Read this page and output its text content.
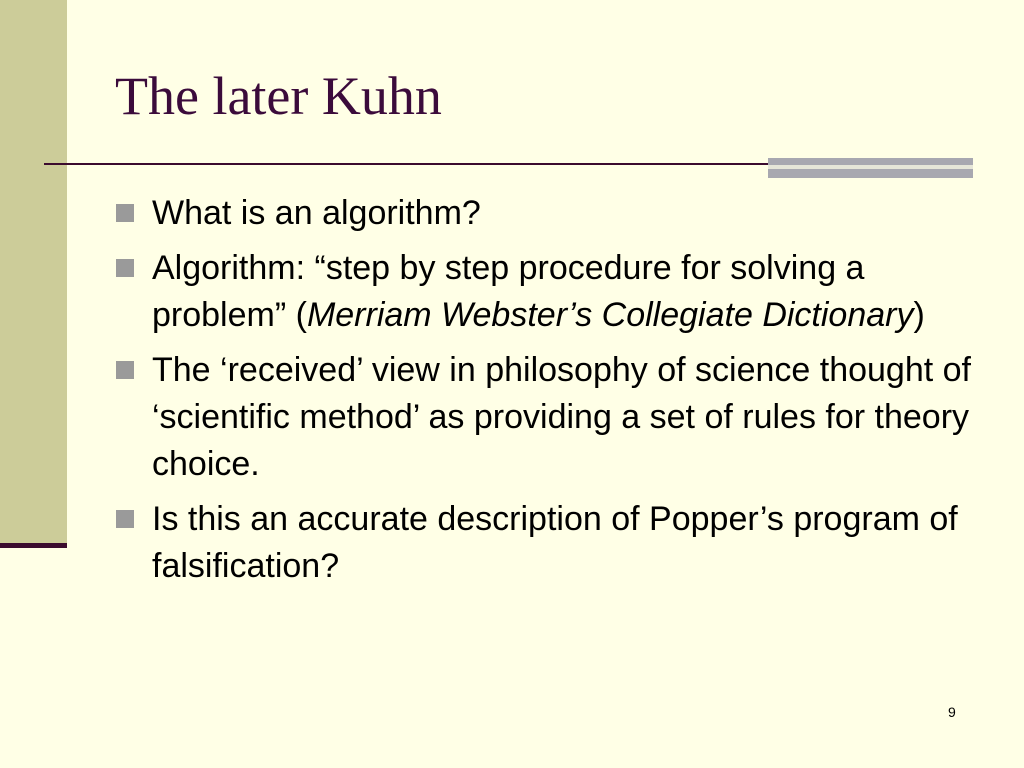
The later Kuhn
What is an algorithm?
Algorithm: “step by step procedure for solving a problem” (Merriam Webster’s Collegiate Dictionary)
The ‘received’ view in philosophy of science thought of ‘scientific method’ as providing a set of rules for theory choice.
Is this an accurate description of Popper’s program of falsification?
9
